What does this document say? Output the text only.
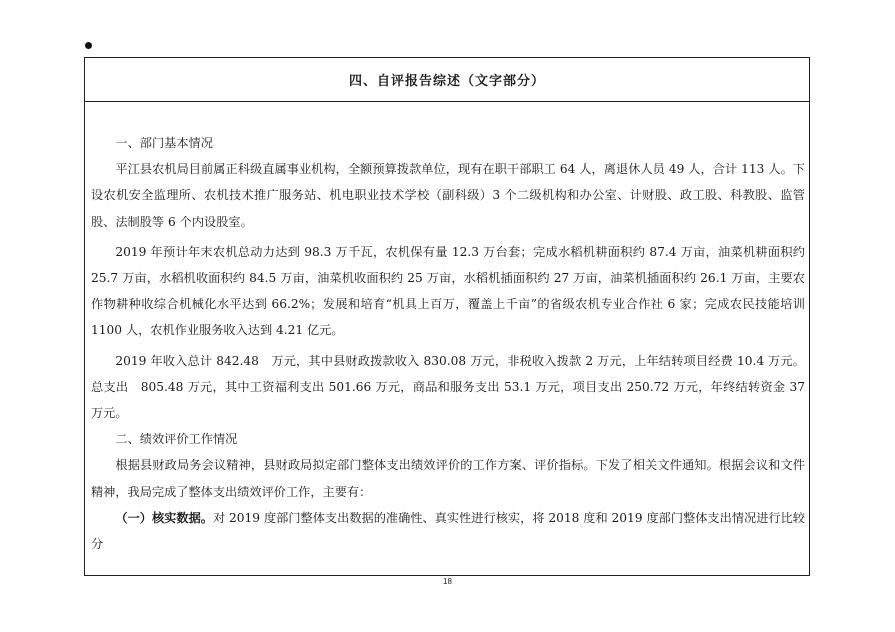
四、自评报告综述（文字部分）

一、部门基本情况

平江县农机局目前属正科级直属事业机构，全额预算拨款单位，现有在职干部职工 64 人，离退休人员 49 人，合计 113 人。下设农机安全监理所、农机技术推广服务站、机电职业技术学校（副科级）3 个二级机构和办公室、计财股、政工股、科教股、监管股、法制股等 6 个内设股室。

2019 年预计年末农机总动力达到 98.3 万千瓦，农机保有量 12.3 万台套；完成水稻机耕面积约 87.4 万亩，油菜机耕面积约 25.7 万亩，水稻机收面积约 84.5 万亩，油菜机收面积约 25 万亩，水稻机插面积约 27 万亩，油菜机插面积约 26.1 万亩，主要农作物耕种收综合机械化水平达到 66.2%；发展和培育“机具上百万，覆盖上千亩”的省级农机专业合作社 6 家；完成农民技能培训 1100 人，农机作业服务收入达到 4.21 亿元。

2019 年收入总计 842.48　万元，其中县财政拨款收入 830.08 万元，非税收入拨款 2 万元，上年结转项目经费 10.4 万元。总支出　805.48 万元，其中工资福利支出 501.66 万元，商品和服务支出 53.1 万元，项目支出 250.72 万元，年终结转资金 37 万元。

二、绩效评价工作情况

根据县财政局务会议精神，县财政局拟定部门整体支出绩效评价的工作方案、评价指标。下发了相关文件通知。根据会议和文件精神，我局完成了整体支出绩效评价工作，主要有：

（一）核实数据。对 2019 度部门整体支出数据的准确性、真实性进行核实，将 2018 度和 2019 度部门整体支出情况进行比较分

18
